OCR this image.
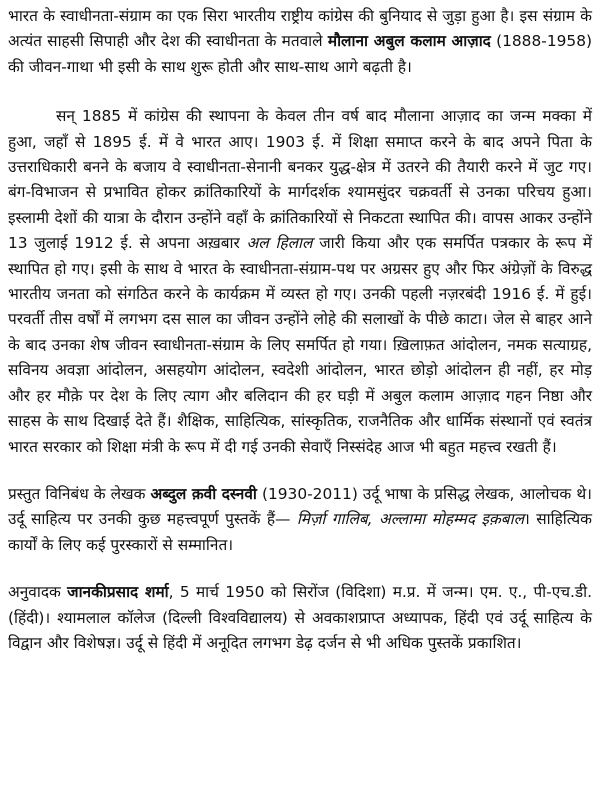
भारत के स्वाधीनता-संग्राम का एक सिरा भारतीय राष्ट्रीय कांग्रेस की बुनियाद से जुड़ा हुआ है। इस संग्राम के अत्यंत साहसी सिपाही और देश की स्वाधीनता के मतवाले मौलाना अबुल कलाम आज़ाद (1888-1958) की जीवन-गाथा भी इसी के साथ शुरू होती और साथ-साथ आगे बढ़ती है।

सन् 1885 में कांग्रेस की स्थापना के केवल तीन वर्ष बाद मौलाना आज़ाद का जन्म मक्का में हुआ, जहाँ से 1895 ई. में वे भारत आए। 1903 ई. में शिक्षा समाप्त करने के बाद अपने पिता के उत्तराधिकारी बनने के बजाय वे स्वाधीनता-सेनानी बनकर युद्ध-क्षेत्र में उतरने की तैयारी करने में जुट गए। बंग-विभाजन से प्रभावित होकर क्रांतिकारियों के मार्गदर्शक श्यामसुंदर चक्रवर्ती से उनका परिचय हुआ। इस्लामी देशों की यात्रा के दौरान उन्होंने वहाँ के क्रांतिकारियों से निकटता स्थापित की। वापस आकर उन्होंने 13 जुलाई 1912 ई. से अपना अख़बार अल हिलाल जारी किया और एक समर्पित पत्रकार के रूप में स्थापित हो गए। इसी के साथ वे भारत के स्वाधीनता-संग्राम-पथ पर अग्रसर हुए और फिर अंग्रेज़ों के विरुद्ध भारतीय जनता को संगठित करने के कार्यक्रम में व्यस्त हो गए। उनकी पहली नज़रबंदी 1916 ई. में हुई। परवर्ती तीस वर्षों में लगभग दस साल का जीवन उन्होंने लोहे की सलाखों के पीछे काटा। जेल से बाहर आने के बाद उनका शेष जीवन स्वाधीनता-संग्राम के लिए समर्पित हो गया। ख़िलाफ़त आंदोलन, नमक सत्याग्रह, सविनय अवज्ञा आंदोलन, असहयोग आंदोलन, स्वदेशी आंदोलन, भारत छोड़ो आंदोलन ही नहीं, हर मोड़ और हर मौक़े पर देश के लिए त्याग और बलिदान की हर घड़ी में अबुल कलाम आज़ाद गहन निष्ठा और साहस के साथ दिखाई देते हैं। शैक्षिक, साहित्यिक, सांस्कृतिक, राजनैतिक और धार्मिक संस्थानों एवं स्वतंत्र भारत सरकार को शिक्षा मंत्री के रूप में दी गई उनकी सेवाएँ निस्संदेह आज भी बहुत महत्त्व रखती हैं।

प्रस्तुत विनिबंध के लेखक अब्दुल क़वी दस्नवी (1930-2011) उर्दू भाषा के प्रसिद्ध लेखक, आलोचक थे। उर्दू साहित्य पर उनकी कुछ महत्त्वपूर्ण पुस्तकें हैं— मिर्ज़ा गालिब, अल्लामा मोहम्मद इक़बाल। साहित्यिक कार्यों के लिए कई पुरस्कारों से सम्मानित।

अनुवादक जानकीप्रसाद शर्मा, 5 मार्च 1950 को सिरोंज (विदिशा) म.प्र. में जन्म। एम. ए., पी-एच.डी. (हिंदी)। श्यामलाल कॉलेज (दिल्ली विश्वविद्यालय) से अवकाशप्राप्त अध्यापक, हिंदी एवं उर्दू साहित्य के विद्वान और विशेषज्ञ। उर्दू से हिंदी में अनूदित लगभग डेढ़ दर्जन से भी अधिक पुस्तकें प्रकाशित।
